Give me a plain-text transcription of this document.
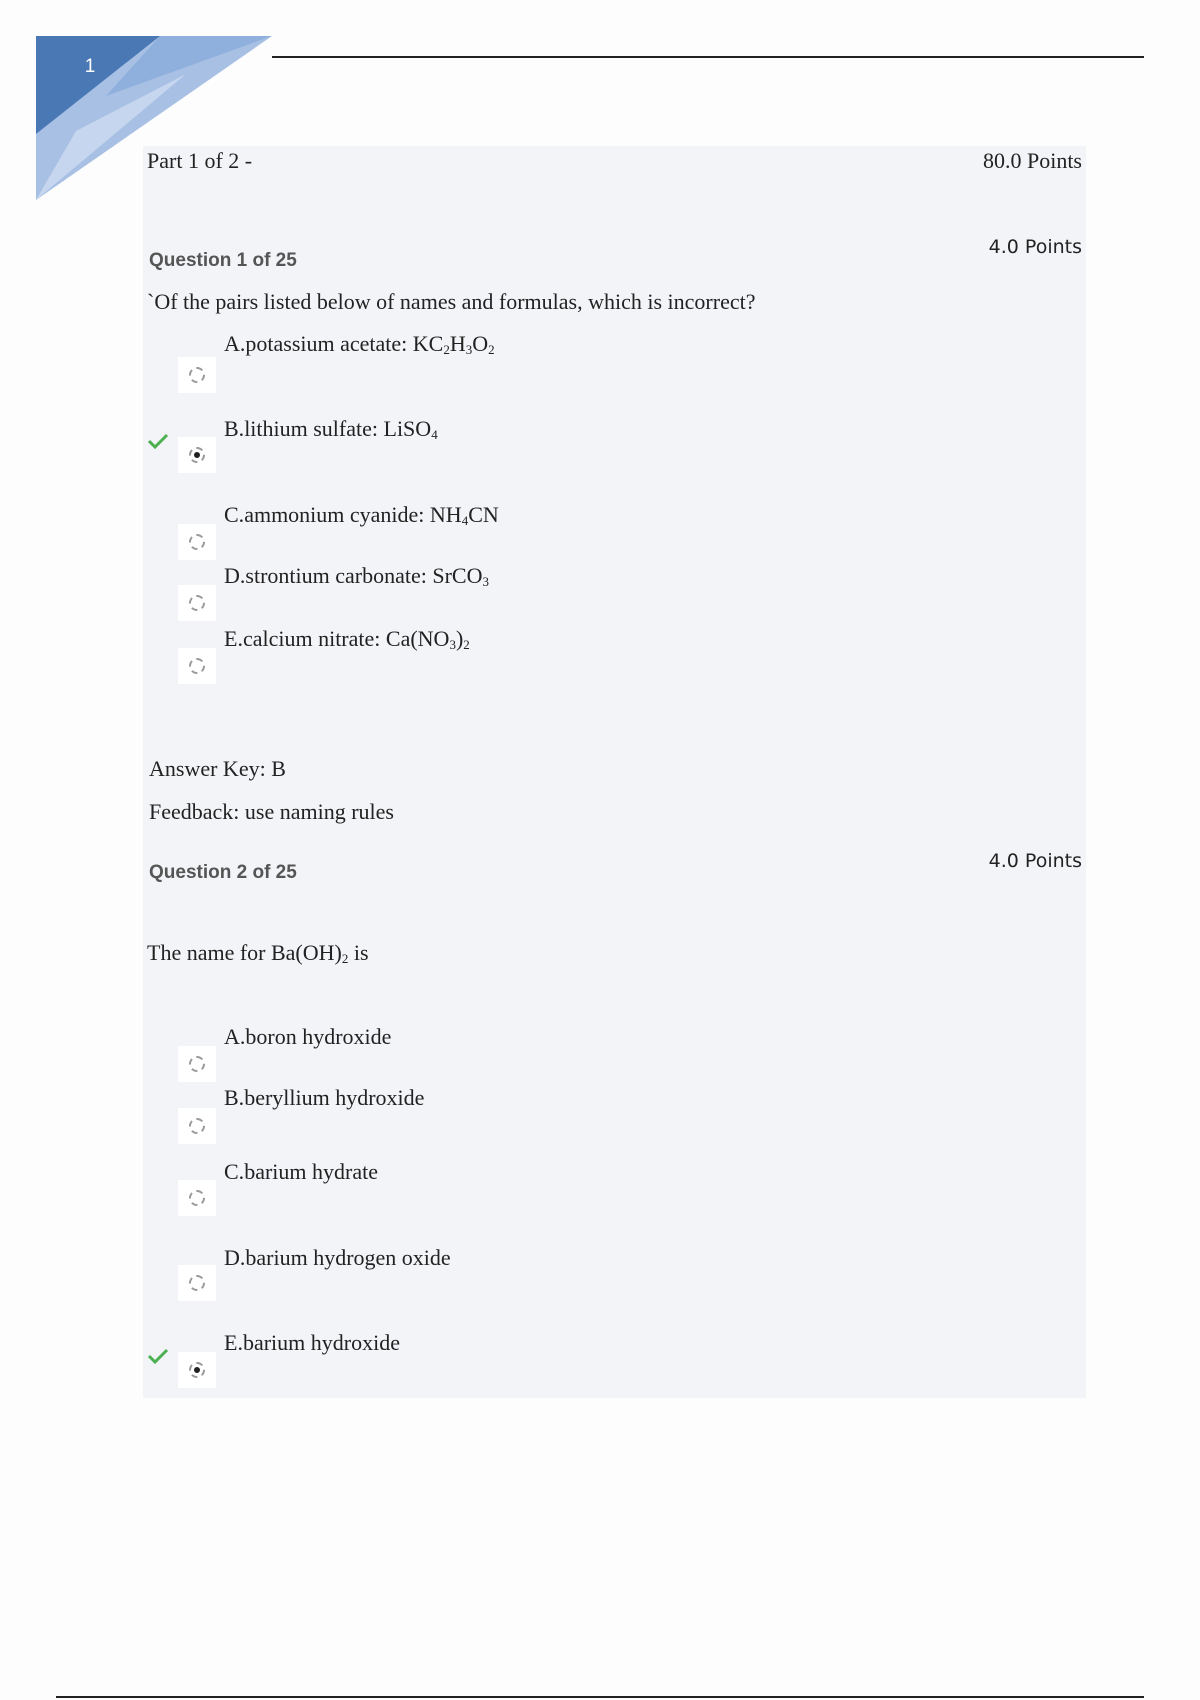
1
Part 1 of 2 -	80.0 Points
Question 1 of 25
4.0 Points
`Of the pairs listed below of names and formulas, which is incorrect?
A.potassium acetate: $KC_2H_3O_2$
B.lithium sulfate: LiSO$_4$
C.ammonium cyanide: $NH_4CN$
D.strontium carbonate: SrCO$_3$
E.calcium nitrate: $Ca(NO_3)_2$
Answer Key: B
Feedback: use naming rules
Question 2 of 25
4.0 Points
The name for $Ba(OH)_2$ is
A.boron hydroxide
B.beryllium hydroxide
C.barium hydrate
D.barium hydrogen oxide
E.barium hydroxide
